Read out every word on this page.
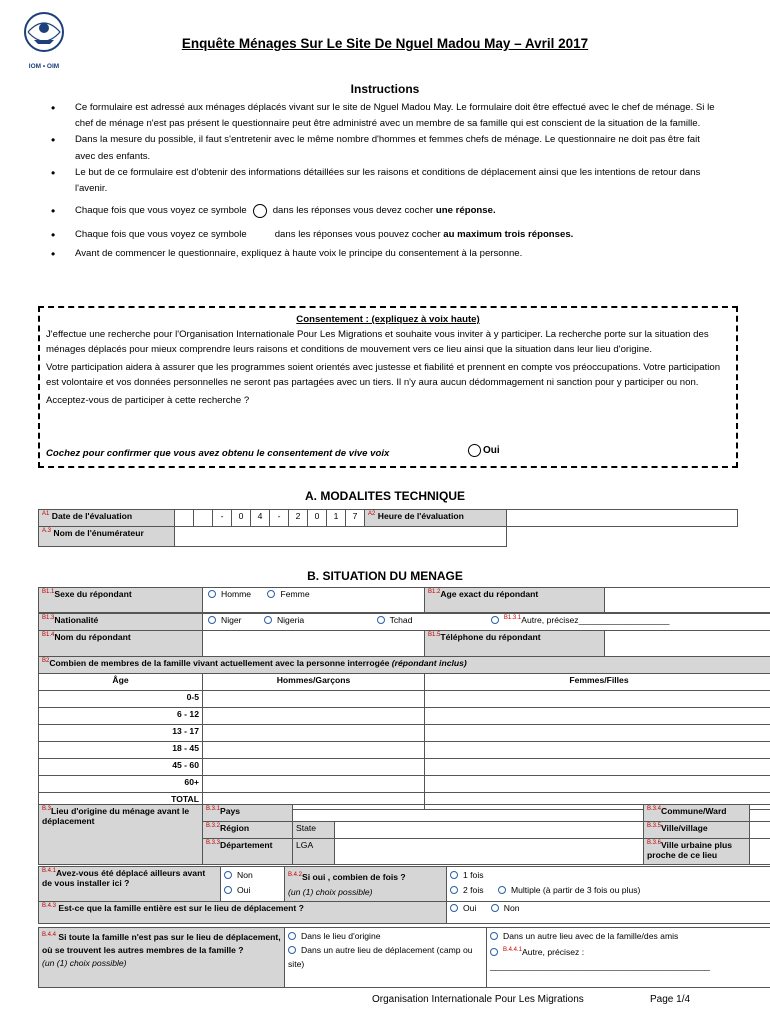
IOM • OIM
Enquête Ménages Sur Le Site De Nguel Madou May – Avril 2017
Instructions
• Ce formulaire est adressé aux ménages déplacés vivant sur le site de Nguel Madou May. Le formulaire doit être effectué avec le chef de ménage. Si le chef de ménage n'est pas présent le questionnaire peut être administré avec un membre de sa famille qui est conscient de la situation de la famille.
• Dans la mesure du possible, il faut s'entretenir avec le même nombre d'hommes et femmes chefs de ménage. Le questionnaire ne doit pas être fait avec des enfants.
• Le but de ce formulaire est d'obtenir des informations détaillées sur les raisons et conditions de déplacement ainsi que les intentions de retour dans l'avenir.
• Chaque fois que vous voyez ce symbole	dans les réponses vous devez cocher une réponse.
• Chaque fois que vous voyez ce symbole	dans les réponses vous pouvez cocher au maximum trois réponses.
• Avant de commencer le questionnaire, expliquez à haute voix le principe du consentement à la personne.
Consentement : (expliquez à voix haute)

J'effectue une recherche pour l'Organisation Internationale Pour Les Migrations et souhaite vous inviter à y participer. La recherche porte sur la situation des ménages déplacés pour mieux comprendre leurs raisons et conditions de mouvement vers ce lieu ainsi que la situation dans leur lieu d'origine.

Votre participation aidera à assurer que les programmes soient orientés avec justesse et fiabilité et prennent en compte vos préoccupations. Votre participation est volontaire et vos données personnelles ne seront pas partagées avec un tiers. Il n'y aura aucun dédommagement ni sanction pour y participer ou non.

Acceptez-vous de participer à cette recherche ?

Cochez pour confirmer que vous avez obtenu le consentement de vive voix	Oui
A. MODALITES TECHNIQUE
$^{A1}$ Date de l'évaluation			-	0	4	-	2	0	1	7	$^{A2}$ Heure de l'évaluation	
$^{A.3}$ Nom de l'énumérateur												
B. SITUATION DU MENAGE
$^{B1.1}$Sexe du répondant	Homme	Femme	$^{B1.2}$Age exact du répondant	
$^{B1.3}$Nationalité	Niger Nigeria Tchad $^{B1.3.1}$Autre, précisez___________________		
$^{B1.4}$Nom du répondant		$^{B1.5}$Téléphone du répondant	
$^{B2}$Combien de membres de la famille vivant actuellement avec la personne interrogée (répondant inclus)		
Âge	Hommes/Garçons	Femmes/Filles
0-5		
6 - 12		
13 - 17		
18 - 45		
45 - 60		
60+		
TOTAL		
$^{B.3}$Lieu d'origine du ménage avant le déplacement	$^{B.3.1}$Pays			$^{B.3.4}$Commune/Ward	
	$^{B.3.2}$Région	State		$^{B.3.5}$Ville/village	
	$^{B.3.3}$Département	LGA		$^{B.3.6}$Ville urbaine plus proche de ce lieu	
$^{B.4.1}$Avez-vous été déplacé ailleurs avant de vous installer ici ?	
Non
Oui

$^{B.4.2}$Si oui , combien de fois ?
(un (1) choix possible)	
1 fois
2 fois	Multiple (à partir de 3 fois ou plus)
$^{B.4.3}$ Est-ce que la famille entière est sur le lieu de déplacement ?	Oui	Non
$^{B.4.4}$ Si toute la famille n'est pas sur le lieu de déplacement, où se trouvent les autres membres de la famille ?
(un (1) choix possible)	
Dans le lieu d'origine
Dans un autre lieu de déplacement (camp ou site)

Dans un autre lieu avec de la famille/des amis
$^{B.4.4.1}$Autre, précisez :
______________________________________________
Organisation Internationale Pour Les Migrations	Page 1/4
